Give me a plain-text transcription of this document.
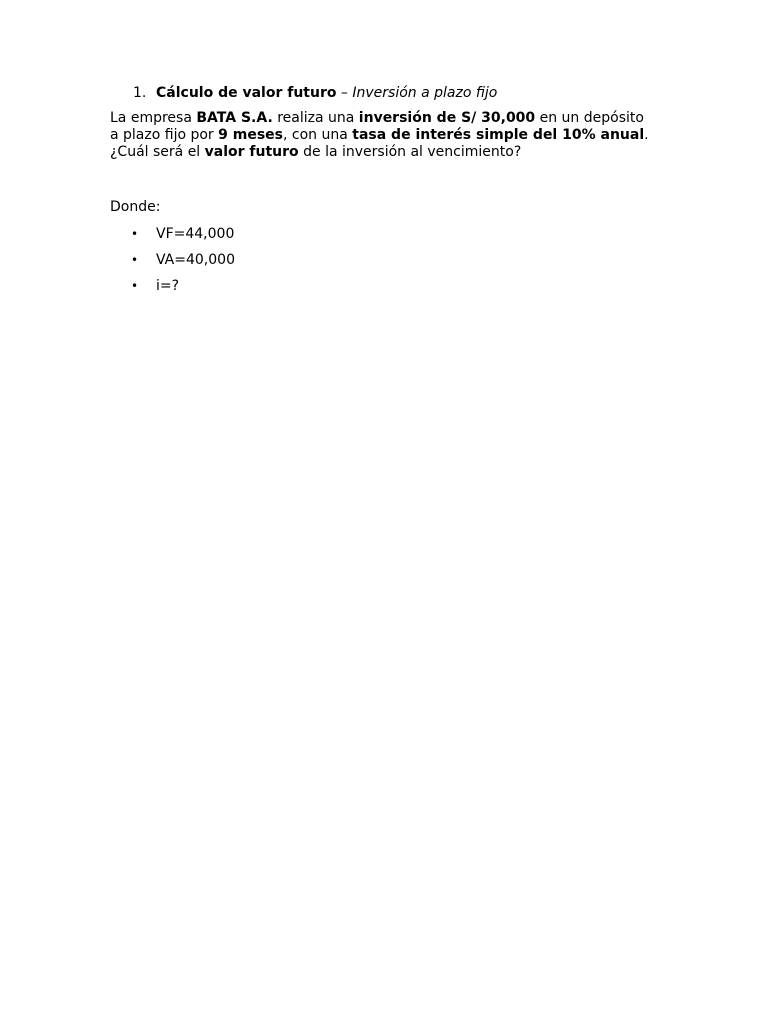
1. Cálculo de valor futuro – Inversión a plazo fijo
La empresa BATA S.A. realiza una inversión de S/ 30,000 en un depósito
a plazo fijo por 9 meses, con una tasa de interés simple del 10% anual.
¿Cuál será el valor futuro de la inversión al vencimiento?
Donde:
• VF=44,000
• VA=40,000
• i=?
